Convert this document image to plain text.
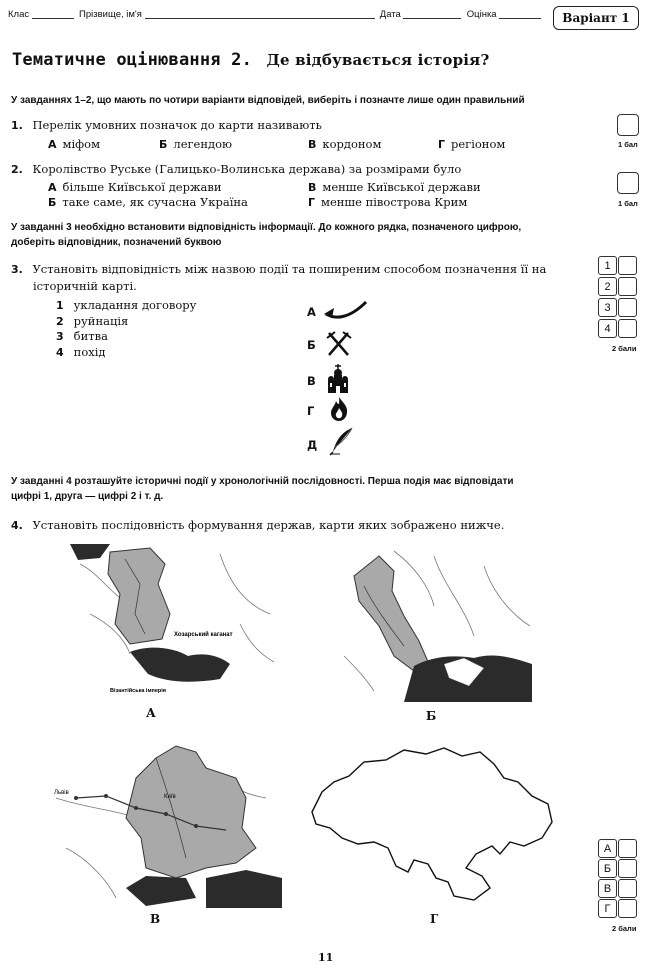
Клас	Прізвище, ім'я	Дата	Оцінка	Варіант 1
Тематичне оцінювання 2. Де відбувається історія?
У завданнях 1–2, що мають по чотири варіанти відповідей, виберіть і позначте лише один правильний
1. Перелік умовних позначок до карти називають
А міфом	Б легендою	В кордоном	Г регіоном	1 бал
2. Королівство Руське (Галицько-Волинська держава) за розмірами було
А більше Київської держави	В менше Київської держави
Б таке саме, як сучасна Україна	Г менше півострова Крим	1 бал
У завданні 3 необхідно встановити відповідність інформації. До кожного рядка, позначеного цифрою,
доберіть відповідник, позначений буквою
3. Установіть відповідність між назвою події та поширеним способом позначення її на
історичній карті.
1 укладання договору
2 руйнація
3 битва
4 похід
А
Б
В
Г
Д
1
2
3
4
2 бали
У завданні 4 розташуйте історичні події у хронологічній послідовності. Перша подія має відповідати
цифрі 1, друга — цифрі 2 і т. д.
4. Установіть послідовність формування держав, карти яких зображено нижче.
Хозарський каганат
Візантійська імперія
А	Б
Київ
Львів
В	Г
А
Б
В
Г
2 бали
11
